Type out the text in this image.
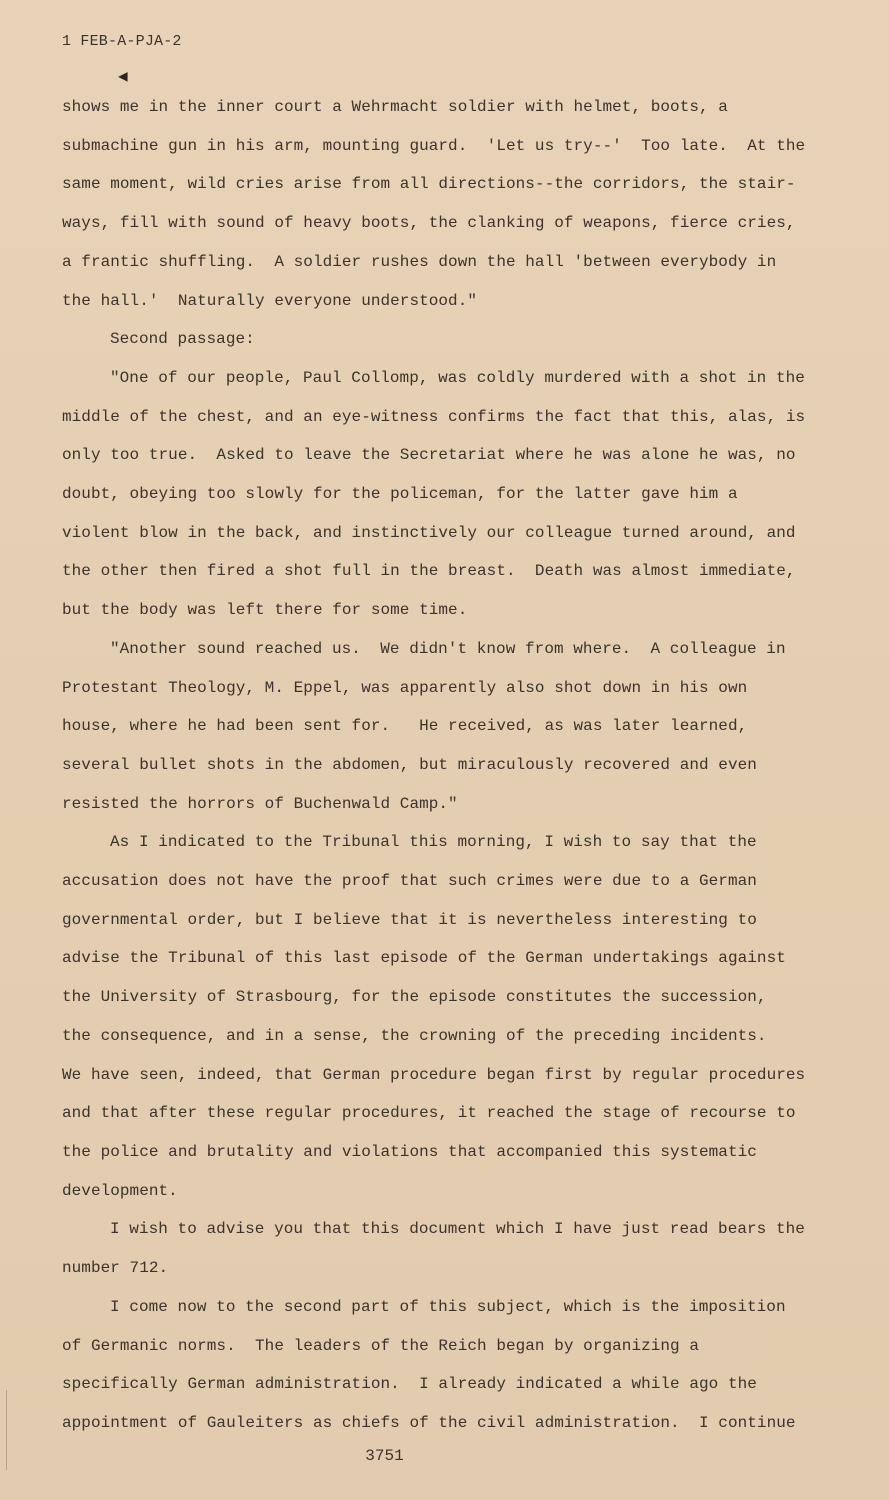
1 FEB-A-PJA-2
◀
shows me in the inner court a Wehrmacht soldier with helmet, boots, a
submachine gun in his arm, mounting guard.  'Let us try--'  Too late.  At the
same moment, wild cries arise from all directions--the corridors, the stair-
ways, fill with sound of heavy boots, the clanking of weapons, fierce cries,
a frantic shuffling.  A soldier rushes down the hall 'between everybody in
the hall.'  Naturally everyone understood."
Second passage:
"One of our people, Paul Collomp, was coldly murdered with a shot in the
middle of the chest, and an eye-witness confirms the fact that this, alas, is
only too true.  Asked to leave the Secretariat where he was alone he was, no
doubt, obeying too slowly for the policeman, for the latter gave him a
violent blow in the back, and instinctively our colleague turned around, and
the other then fired a shot full in the breast.  Death was almost immediate,
but the body was left there for some time.
"Another sound reached us.  We didn't know from where.  A colleague in
Protestant Theology, M. Eppel, was apparently also shot down in his own
house, where he had been sent for.   He received, as was later learned,
several bullet shots in the abdomen, but miraculously recovered and even
resisted the horrors of Buchenwald Camp."
As I indicated to the Tribunal this morning, I wish to say that the
accusation does not have the proof that such crimes were due to a German
governmental order, but I believe that it is nevertheless interesting to
advise the Tribunal of this last episode of the German undertakings against
the University of Strasbourg, for the episode constitutes the succession,
the consequence, and in a sense, the crowning of the preceding incidents.
We have seen, indeed, that German procedure began first by regular procedures
and that after these regular procedures, it reached the stage of recourse to
the police and brutality and violations that accompanied this systematic
development.
I wish to advise you that this document which I have just read bears the
number 712.
I come now to the second part of this subject, which is the imposition
of Germanic norms.  The leaders of the Reich began by organizing a
specifically German administration.  I already indicated a while ago the
appointment of Gauleiters as chiefs of the civil administration.  I continue
3751
